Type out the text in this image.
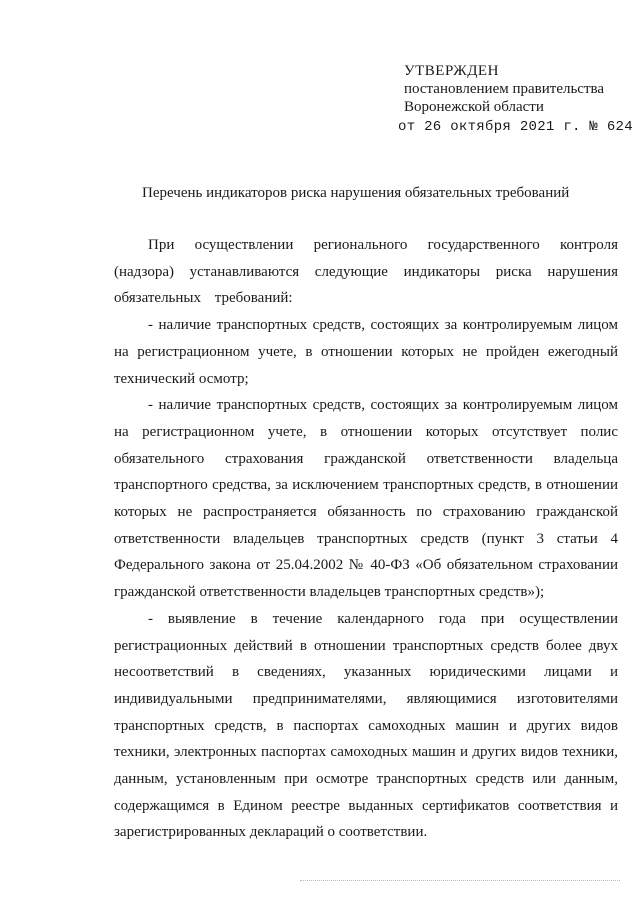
УТВЕРЖДЕН
постановлением правительства
Воронежской области
от 26 октября 2021 г. № 624
Перечень индикаторов риска нарушения обязательных требований

При осуществлении регионального государственного контроля (надзора) устанавливаются следующие индикаторы риска нарушения обязательных требований:

- наличие транспортных средств, состоящих за контролируемым лицом на регистрационном учете, в отношении которых не пройден ежегодный технический осмотр;

- наличие транспортных средств, состоящих за контролируемым лицом на регистрационном учете, в отношении которых отсутствует полис обязательного страхования гражданской ответственности владельца транспортного средства, за исключением транспортных средств, в отношении которых не распространяется обязанность по страхованию гражданской ответственности владельцев транспортных средств (пункт 3 статьи 4 Федерального закона от 25.04.2002 № 40-ФЗ «Об обязательном страховании гражданской ответственности владельцев транспортных средств»);

- выявление в течение календарного года при осуществлении регистрационных действий в отношении транспортных средств более двух несоответствий в сведениях, указанных юридическими лицами и индивидуальными предпринимателями, являющимися изготовителями транспортных средств, в паспортах самоходных машин и других видов техники, электронных паспортах самоходных машин и других видов техники, данным, установленным при осмотре транспортных средств или данным, содержащимся в Едином реестре выданных сертификатов соответствия и зарегистрированных деклараций о соответствии.
